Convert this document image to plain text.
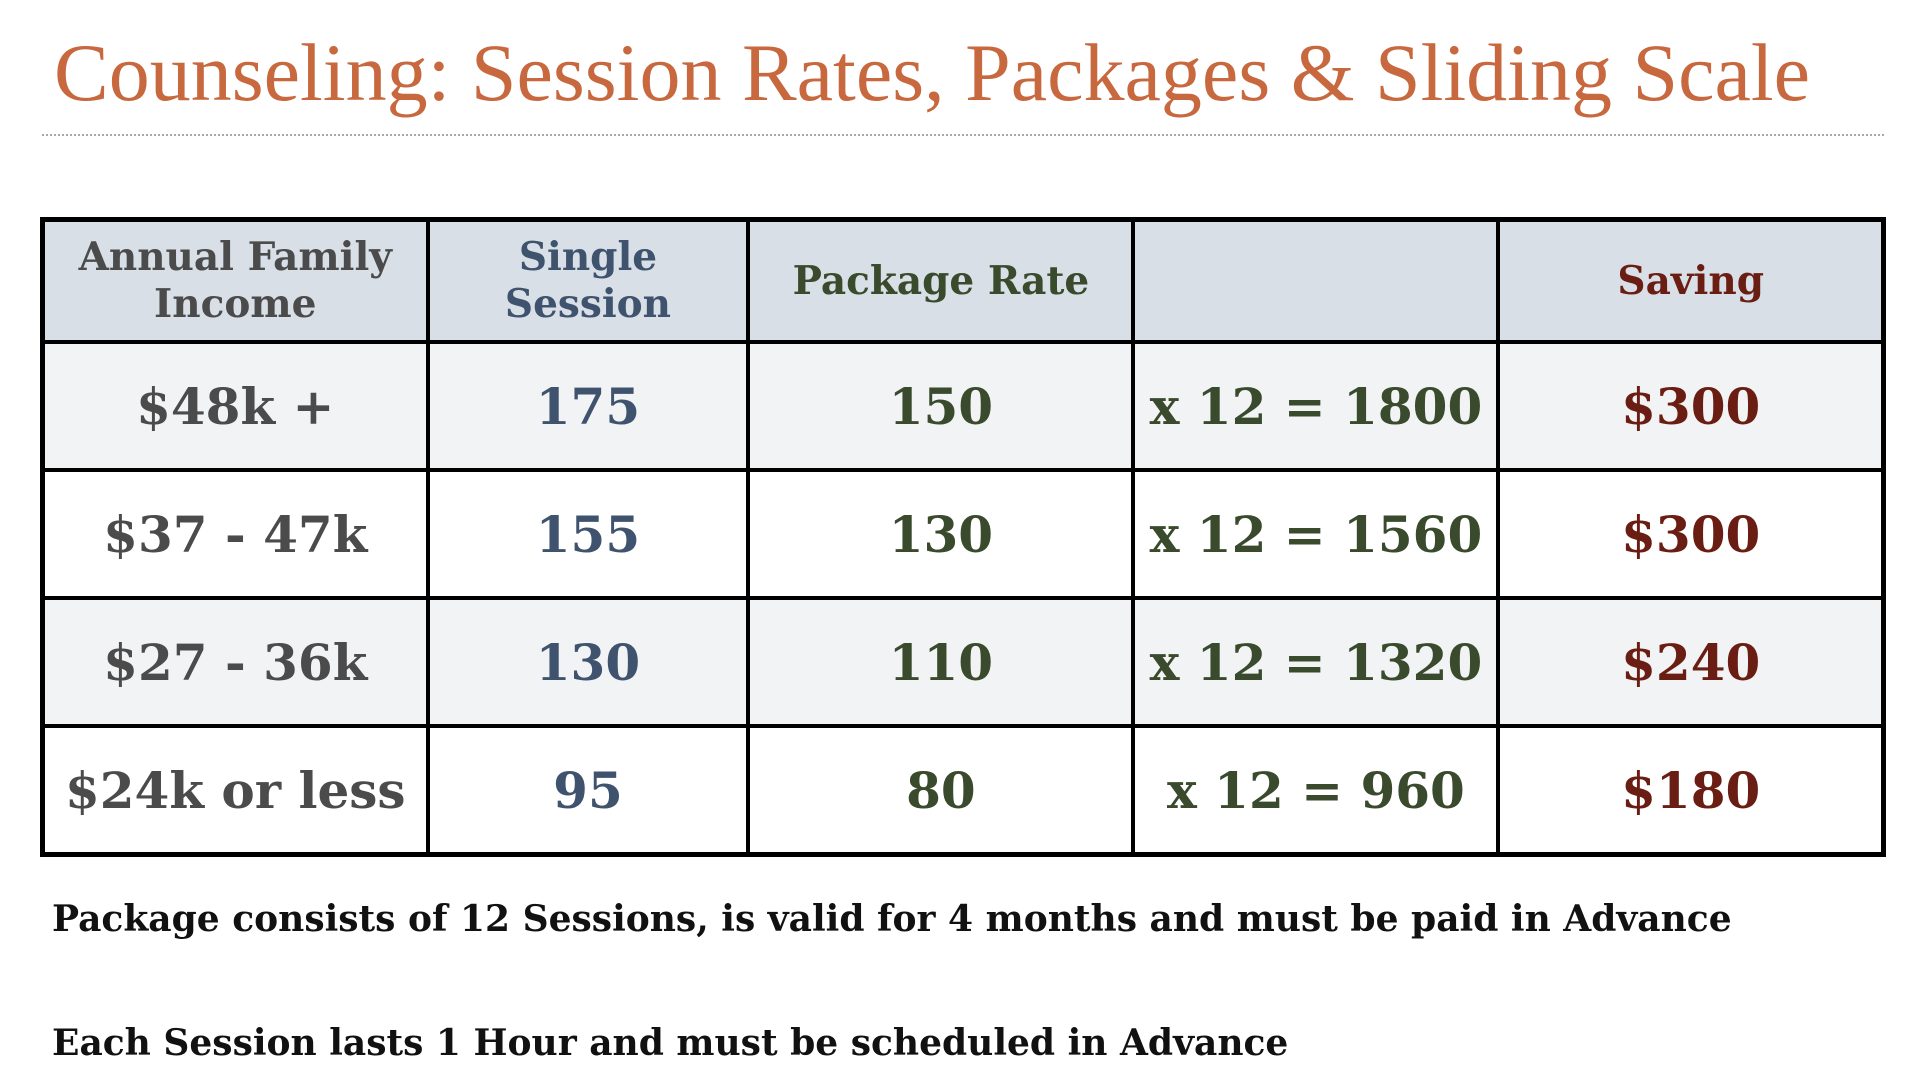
Counseling: Session Rates, Packages & Sliding Scale
Annual Family Income	Single Session	Package Rate		Saving
$48k +	175	150	x 12 = 1800	$300
$37 - 47k	155	130	x 12 = 1560	$300
$27 - 36k	130	110	x 12 = 1320	$240
$24k or less	95	80	x 12 = 960	$180

Package consists of 12 Sessions, is valid for 4 months and must be paid in Advance

Each Session lasts 1 Hour and must be scheduled in Advance
